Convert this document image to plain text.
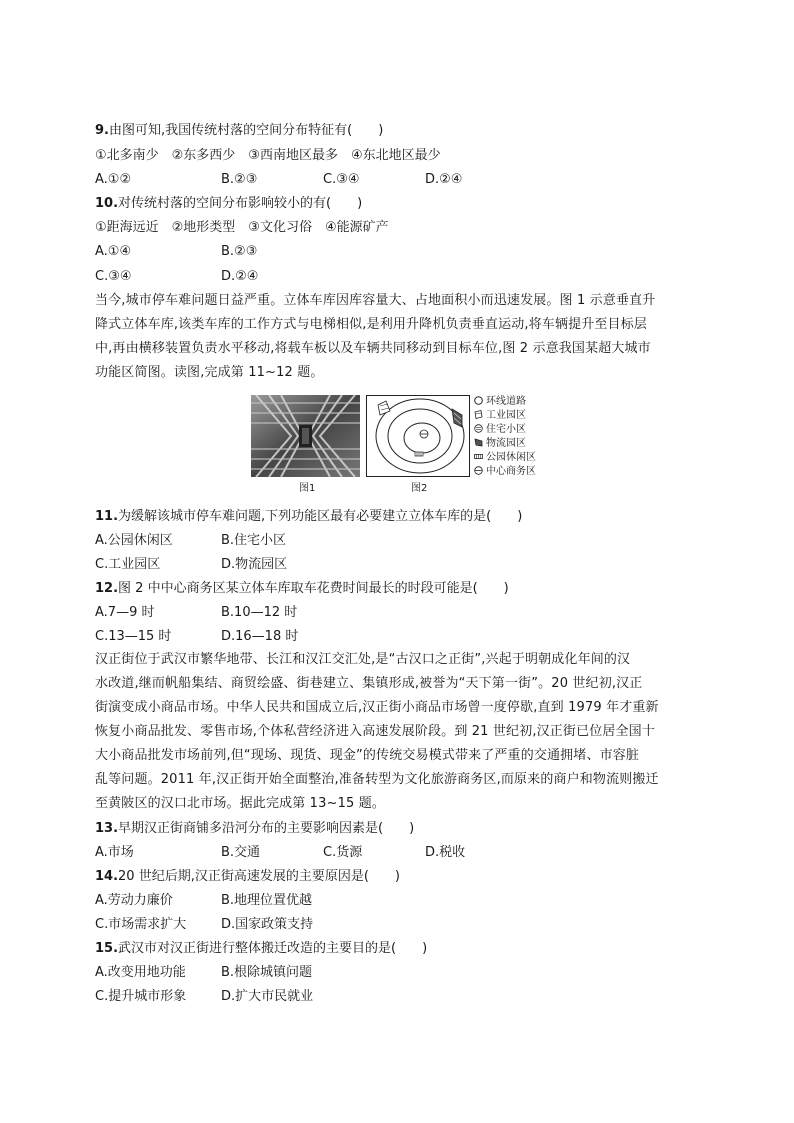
9.由图可知,我国传统村落的空间分布特征有(　　)
①北多南少　②东多西少　③西南地区最多　④东北地区最少
A.①②	B.②③	C.③④	D.②④
10.对传统村落的空间分布影响较小的有(　　)
①距海远近　②地形类型　③文化习俗　④能源矿产
A.①④	B.②③
C.③④	D.②④

当今,城市停车难问题日益严重。立体车库因库容量大、占地面积小而迅速发展。图 1 示意垂直升

降式立体车库,该类车库的工作方式与电梯相似,是利用升降机负责垂直运动,将车辆提升至目标层

中,再由横移装置负责水平移动,将载车板以及车辆共同移动到目标车位,图 2 示意我国某超大城市

功能区简图。读图,完成第 11~12 题。

图1	图2
环线道路
工业园区
住宅小区
物流园区
公园休闲区
中心商务区
11.为缓解该城市停车难问题,下列功能区最有必要建立立体车库的是(　　)
A.公园休闲区	B.住宅小区
C.工业园区	D.物流园区
12.图 2 中中心商务区某立体车库取车花费时间最长的时段可能是(　　)
A.7—9 时	B.10—12 时
C.13—15 时	D.16—18 时

汉正街位于武汉市繁华地带、长江和汉江交汇处,是“古汉口之正街”,兴起于明朝成化年间的汉

水改道,继而帆船集结、商贸绘盛、街巷建立、集镇形成,被誉为“天下第一街”。20 世纪初,汉正

街演变成小商品市场。中华人民共和国成立后,汉正街小商品市场曾一度停歇,直到 1979 年才重新

恢复小商品批发、零售市场,个体私营经济进入高速发展阶段。到 21 世纪初,汉正街已位居全国十

大小商品批发市场前列,但“现场、现货、现金”的传统交易模式带来了严重的交通拥堵、市容脏

乱等问题。2011 年,汉正街开始全面整治,准备转型为文化旅游商务区,而原来的商户和物流则搬迁

至黄陂区的汉口北市场。据此完成第 13~15 题。

13.早期汉正街商铺多沿河分布的主要影响因素是(　　)
A.市场	B.交通	C.货源	D.税收
14.20 世纪后期,汉正街高速发展的主要原因是(　　)
A.劳动力廉价	B.地理位置优越
C.市场需求扩大	D.国家政策支持
15.武汉市对汉正街进行整体搬迁改造的主要目的是(　　)
A.改变用地功能	B.根除城镇问题
C.提升城市形象	D.扩大市民就业
